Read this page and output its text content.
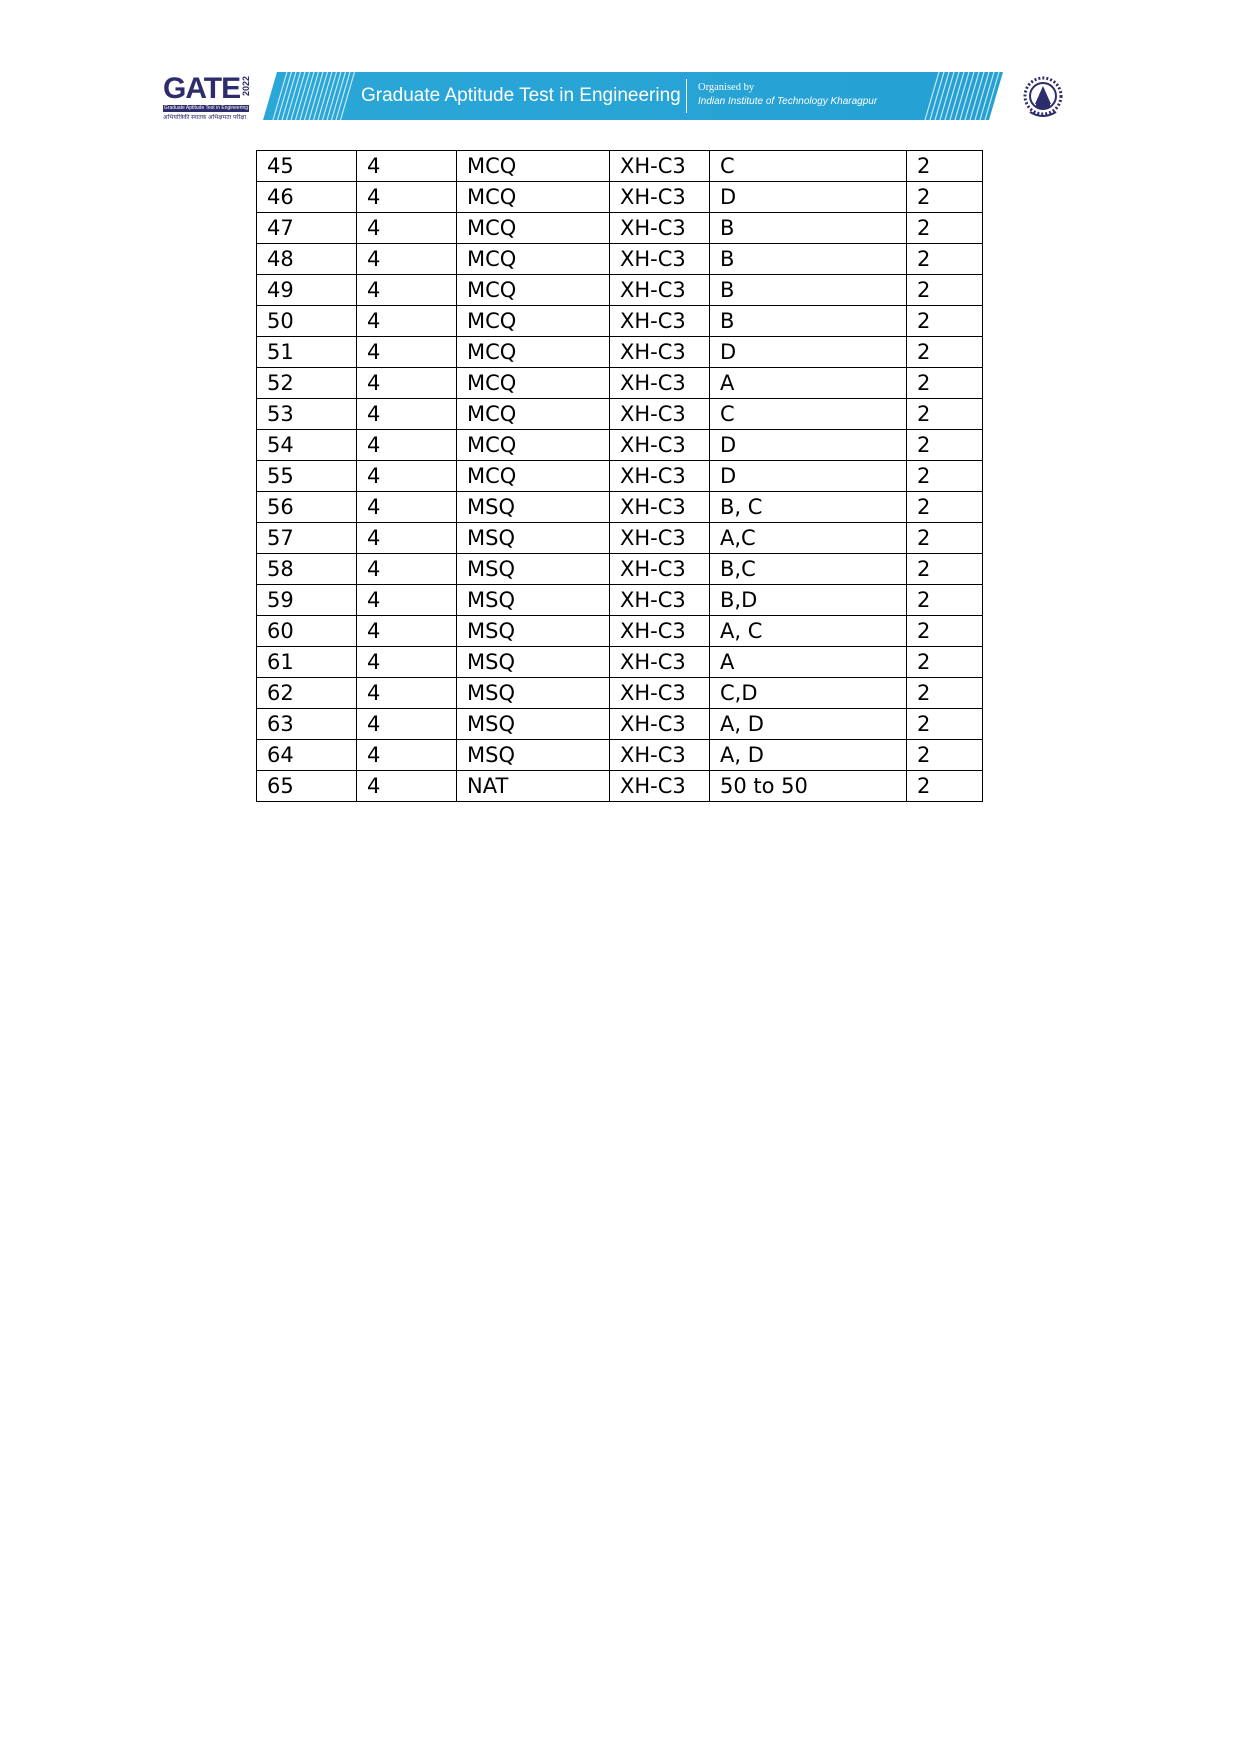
GATE 2022
Graduate Aptitude Test in Engineering
अभियांत्रिकी स्नातक अभिक्षमता परीक्षा
Graduate Aptitude Test in Engineering Organised by
Indian Institute of Technology Kharagpur
45	4	MCQ	XH-C3	C	2
46	4	MCQ	XH-C3	D	2
47	4	MCQ	XH-C3	B	2
48	4	MCQ	XH-C3	B	2
49	4	MCQ	XH-C3	B	2
50	4	MCQ	XH-C3	B	2
51	4	MCQ	XH-C3	D	2
52	4	MCQ	XH-C3	A	2
53	4	MCQ	XH-C3	C	2
54	4	MCQ	XH-C3	D	2
55	4	MCQ	XH-C3	D	2
56	4	MSQ	XH-C3	B, C	2
57	4	MSQ	XH-C3	A,C	2
58	4	MSQ	XH-C3	B,C	2
59	4	MSQ	XH-C3	B,D	2
60	4	MSQ	XH-C3	A, C	2
61	4	MSQ	XH-C3	A	2
62	4	MSQ	XH-C3	C,D	2
63	4	MSQ	XH-C3	A, D	2
64	4	MSQ	XH-C3	A, D	2
65	4	NAT	XH-C3	50 to 50	2
